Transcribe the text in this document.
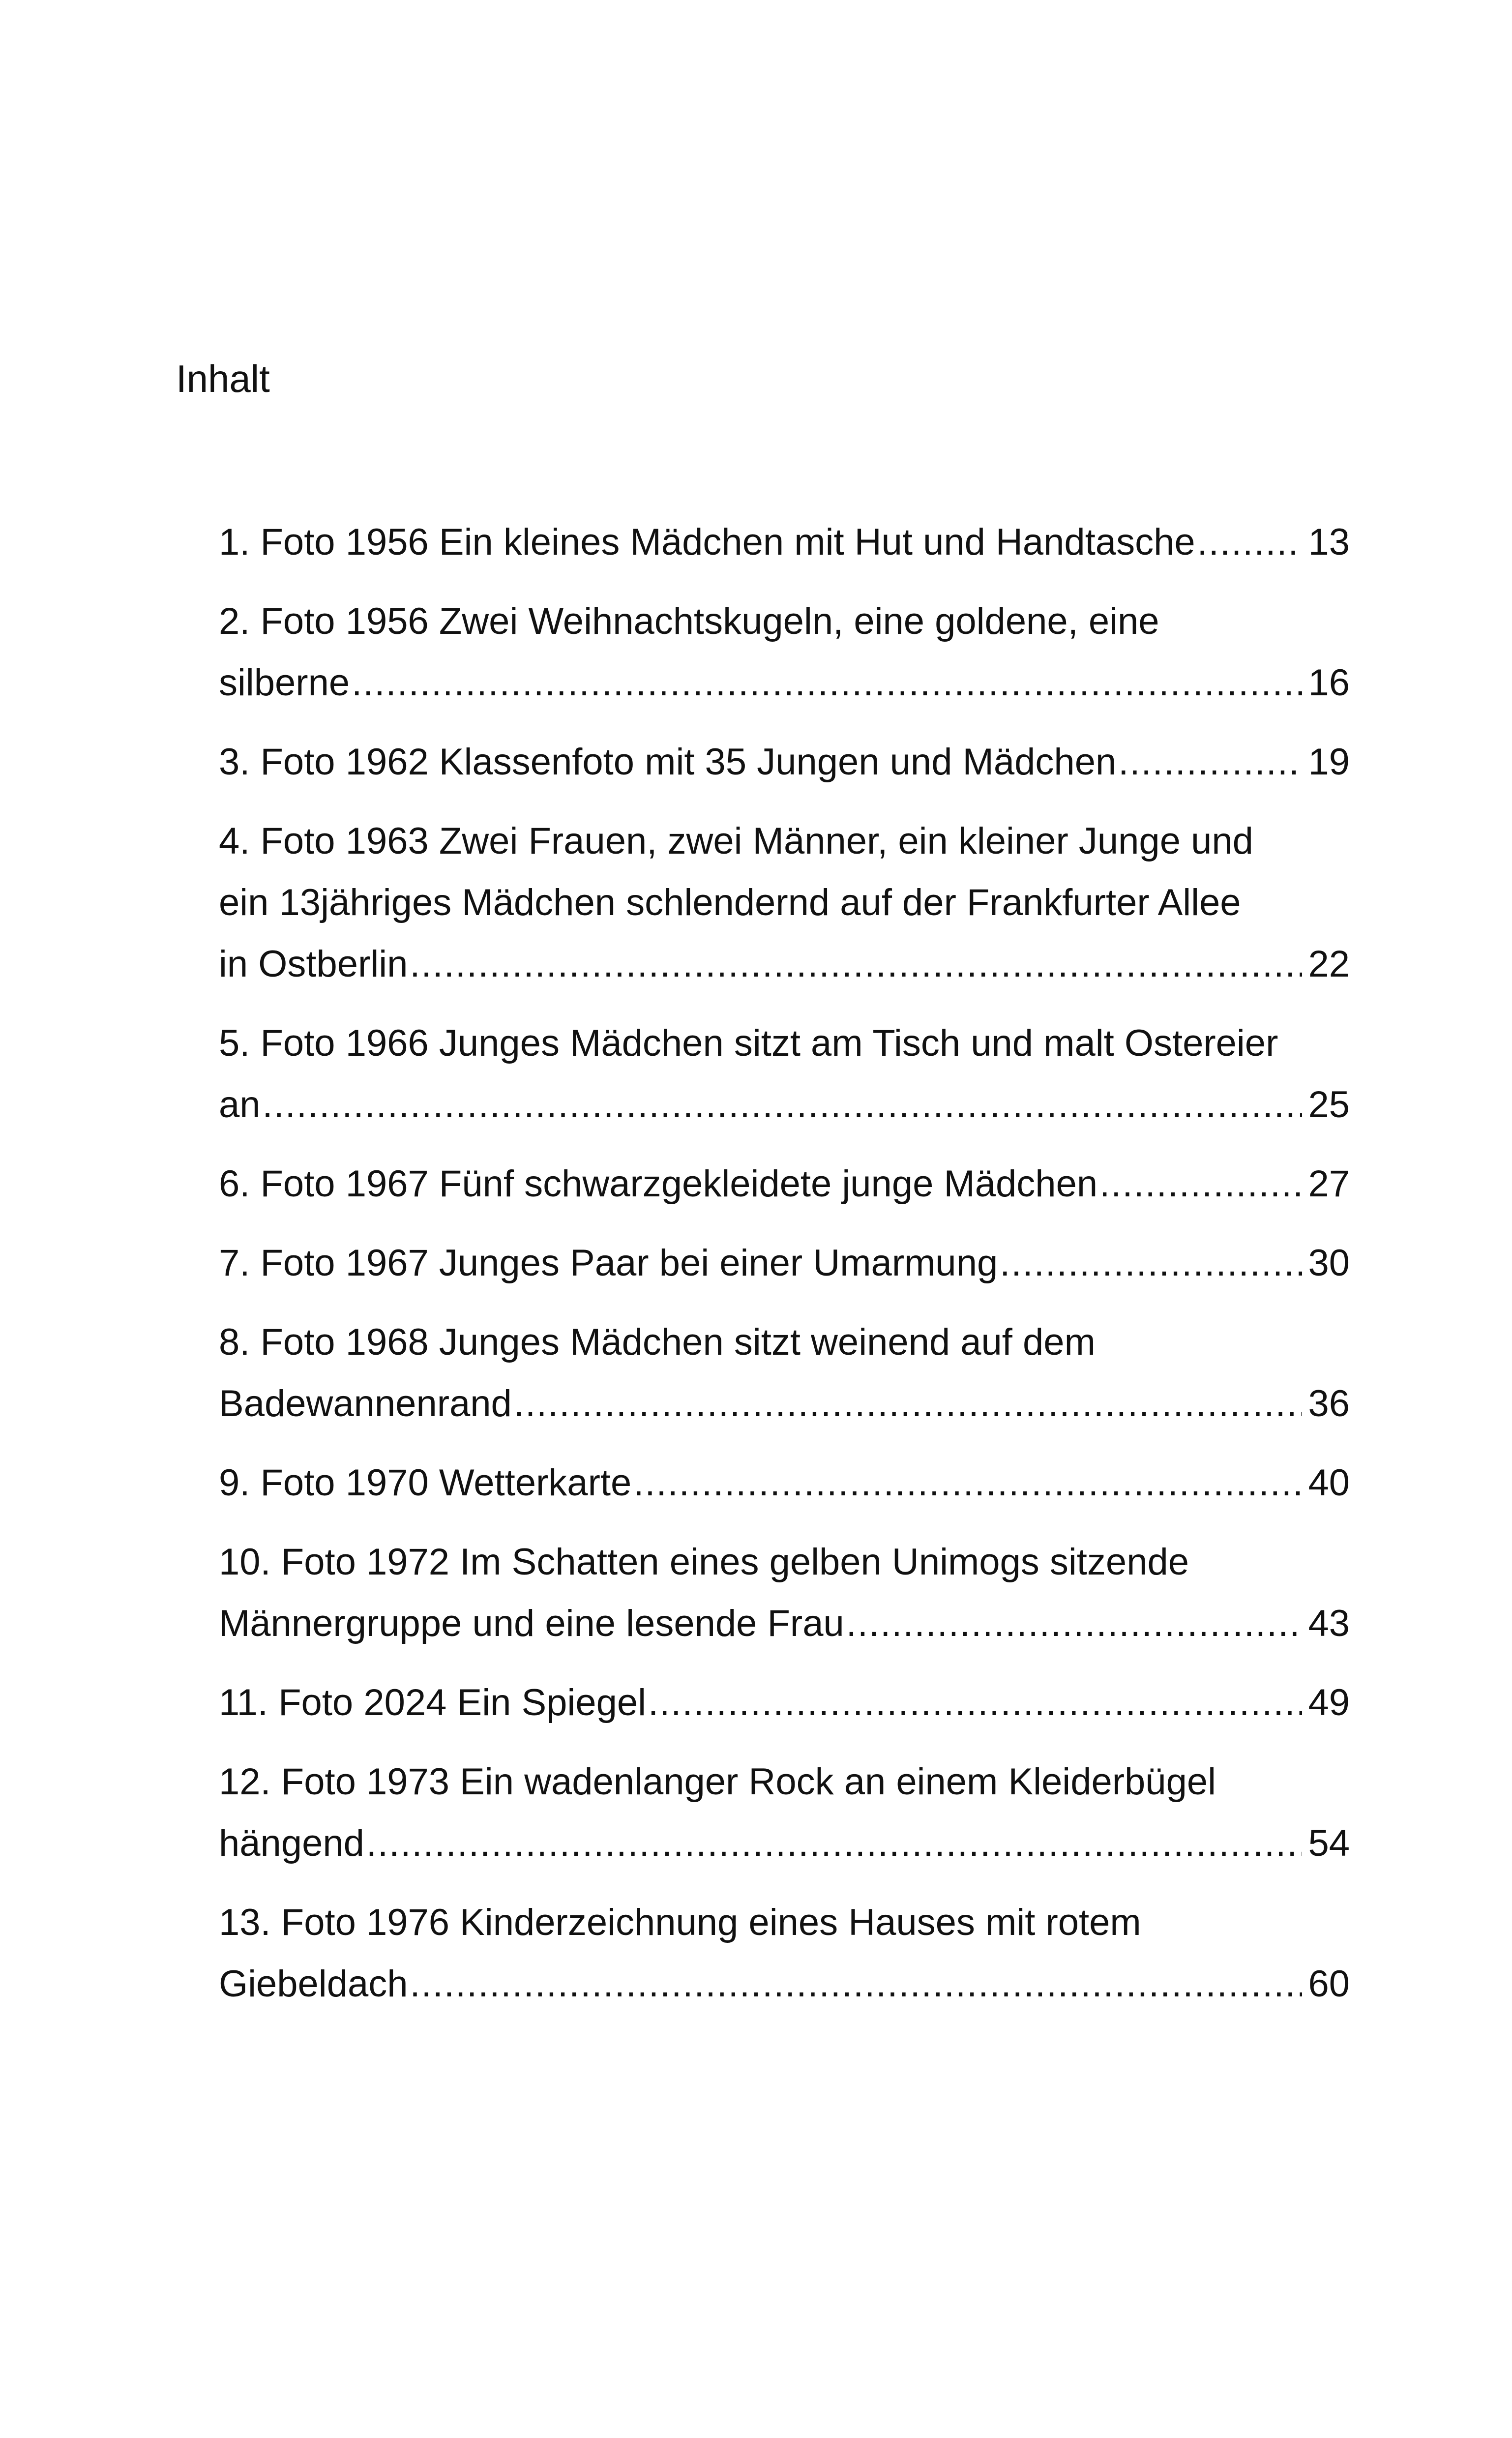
Inhalt
1. Foto 1956 Ein kleines Mädchen mit Hut und Handtasche .....	13
2. Foto 1956 Zwei Weihnachtskugeln, eine goldene, eine
silberne .....	16
3. Foto 1962 Klassenfoto mit 35 Jungen und Mädchen .....	19
4. Foto 1963 Zwei Frauen, zwei Männer, ein kleiner Junge und
ein 13jähriges Mädchen schlendernd auf der Frankfurter Allee
in Ostberlin .....	22
5. Foto 1966 Junges Mädchen sitzt am Tisch und malt Ostereier
an .....	25
6. Foto 1967 Fünf schwarzgekleidete junge Mädchen .....	27
7. Foto 1967 Junges Paar bei einer Umarmung .....	30
8. Foto 1968 Junges Mädchen sitzt weinend auf dem
Badewannenrand .....	36
9. Foto 1970 Wetterkarte .....	40
10. Foto 1972 Im Schatten eines gelben Unimogs sitzende
Männergruppe und eine lesende Frau .....	43
11. Foto 2024 Ein Spiegel .....	49
12. Foto 1973 Ein wadenlanger Rock an einem Kleiderbügel
hängend .....	54
13. Foto 1976 Kinderzeichnung eines Hauses mit rotem
Giebeldach .....	60
